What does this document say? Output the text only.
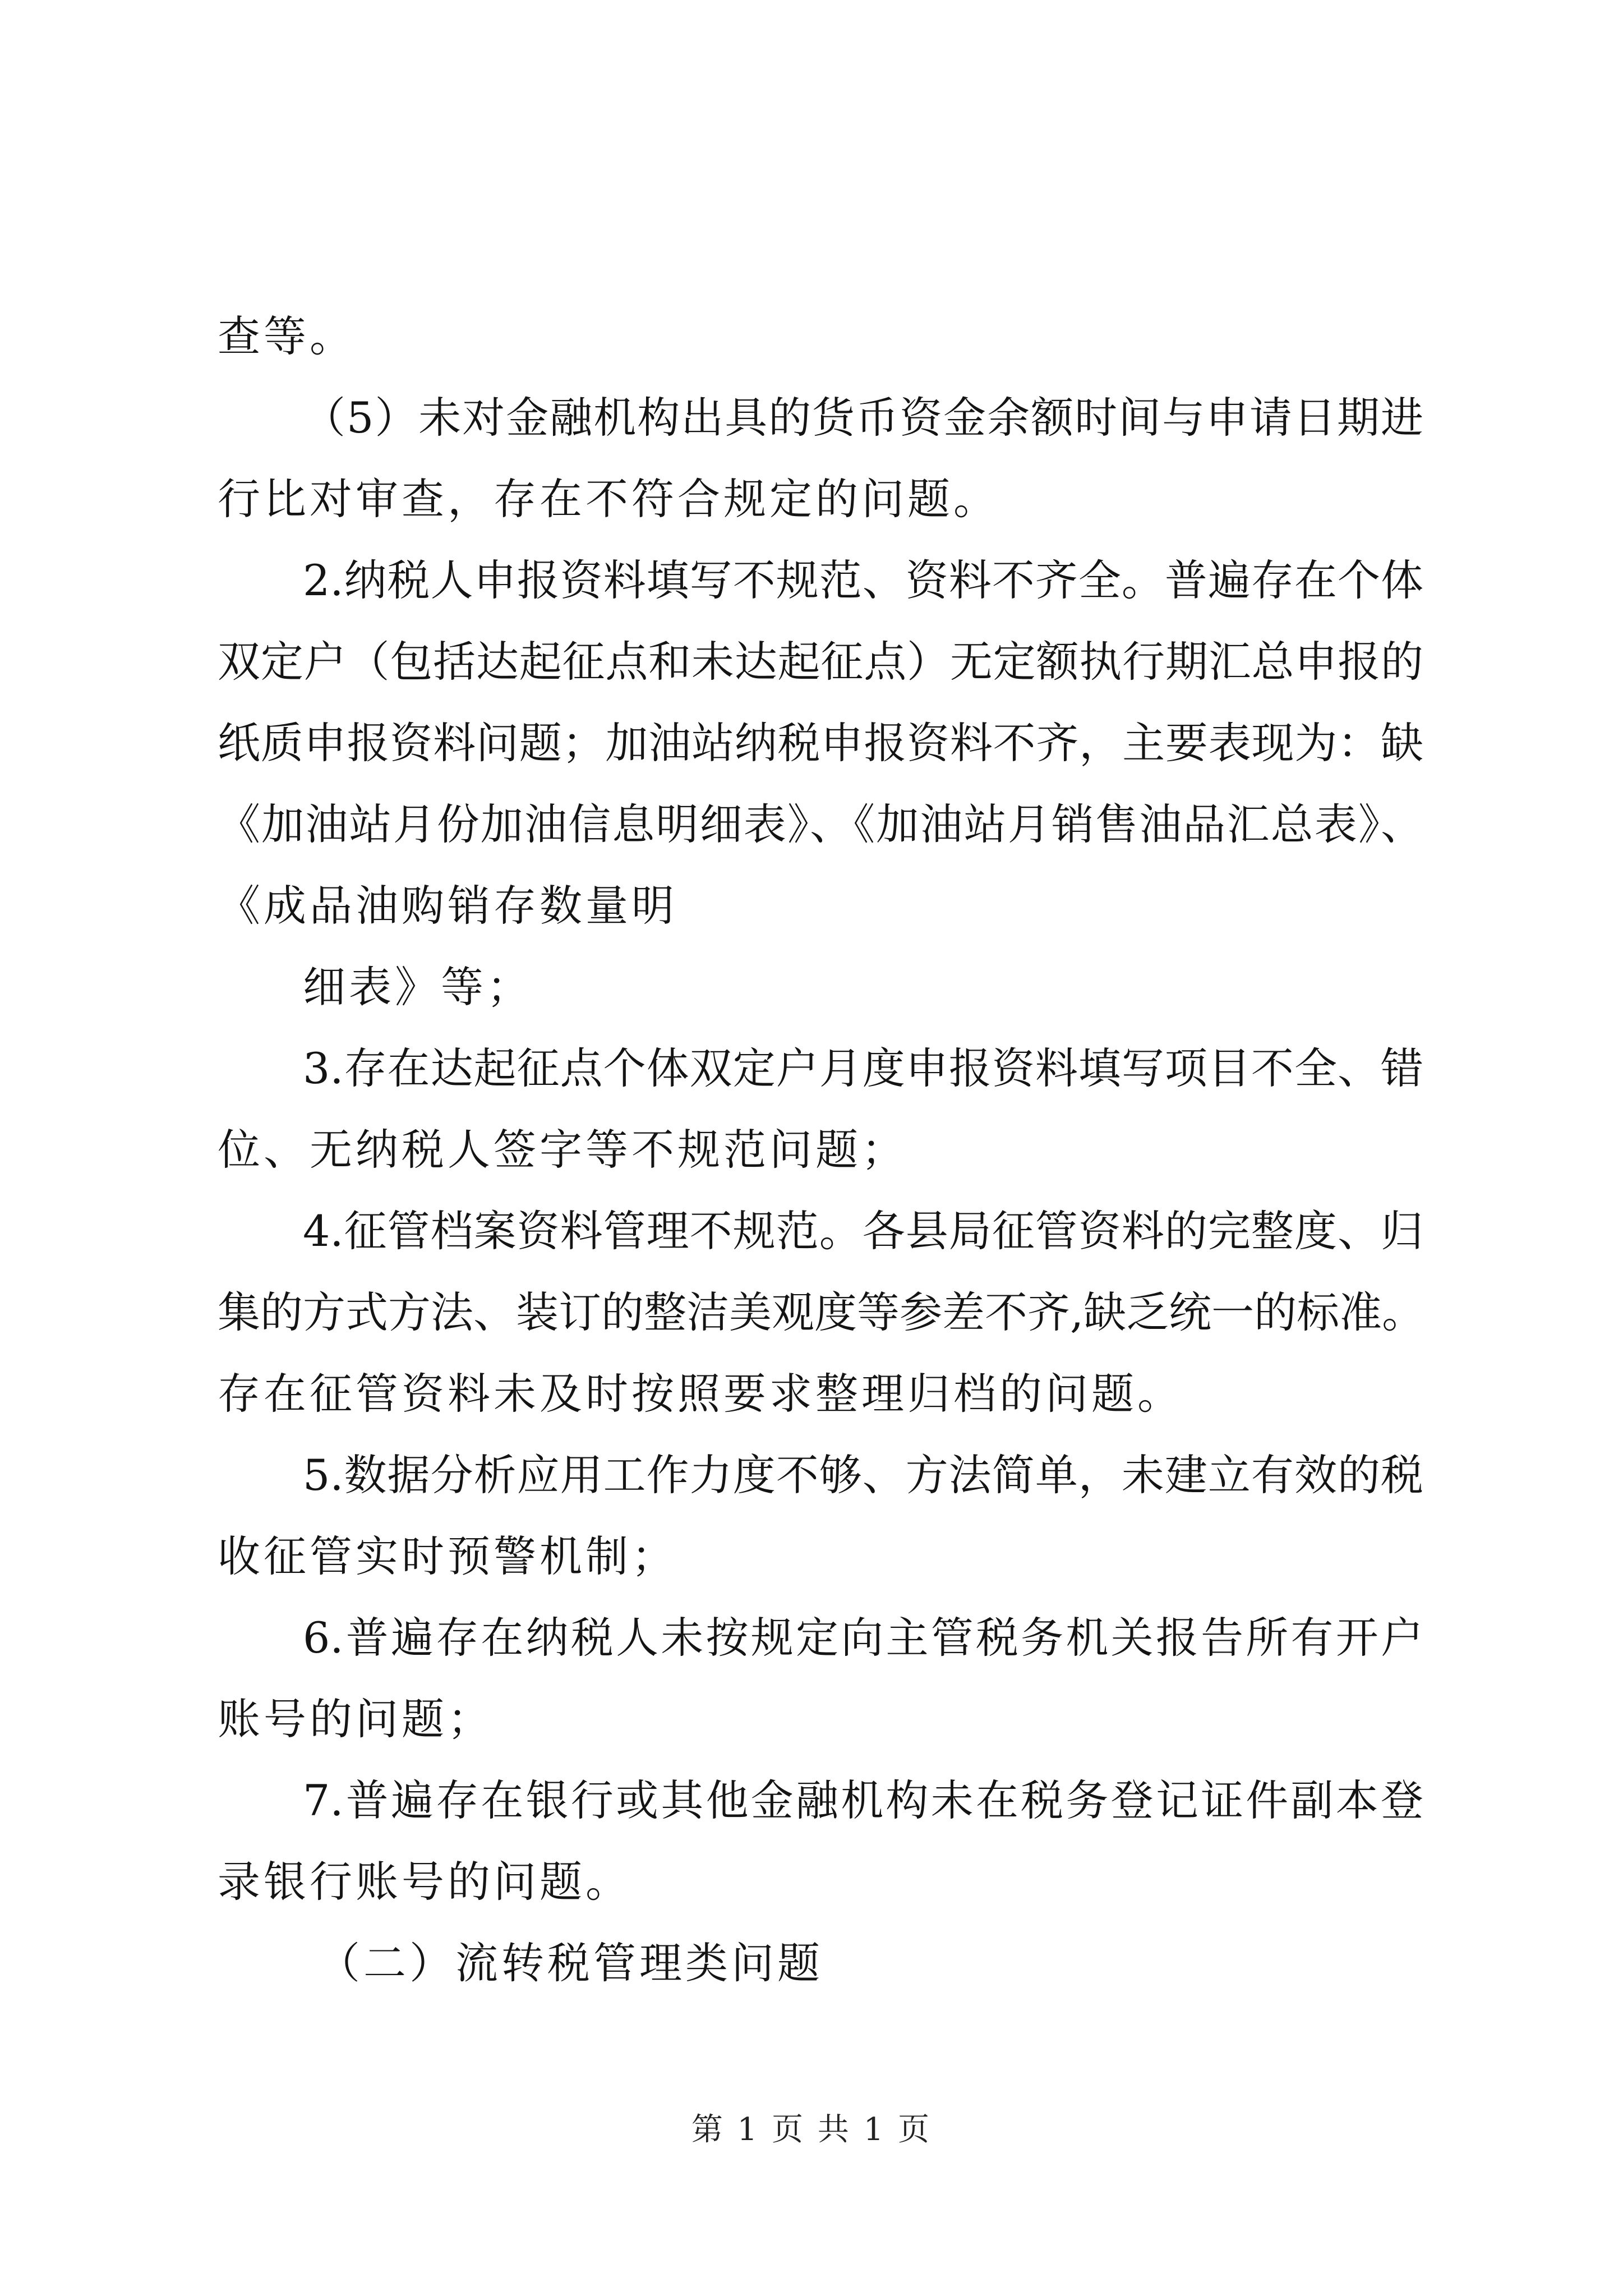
查等。
（5）未对金融机构出具的货币资金余额时间与申请日期进
行比对审查，存在不符合规定的问题。
2.纳税人申报资料填写不规范、资料不齐全。普遍存在个体
双定户（包括达起征点和未达起征点）无定额执行期汇总申报的
纸质申报资料问题；加油站纳税申报资料不齐，主要表现为：缺
《加油站月份加油信息明细表》、《加油站月销售油品汇总表》、
《成品油购销存数量明
细表》等；
3.存在达起征点个体双定户月度申报资料填写项目不全、错
位、无纳税人签字等不规范问题；
4.征管档案资料管理不规范。各县局征管资料的完整度、归
集的方式方法、装订的整洁美观度等参差不齐,缺乏统一的标准。
存在征管资料未及时按照要求整理归档的问题。
5.数据分析应用工作力度不够、方法简单，未建立有效的税
收征管实时预警机制；
6.普遍存在纳税人未按规定向主管税务机关报告所有开户
账号的问题；
7.普遍存在银行或其他金融机构未在税务登记证件副本登
录银行账号的问题。
（二）流转税管理类问题
第 1 页 共 1 页
